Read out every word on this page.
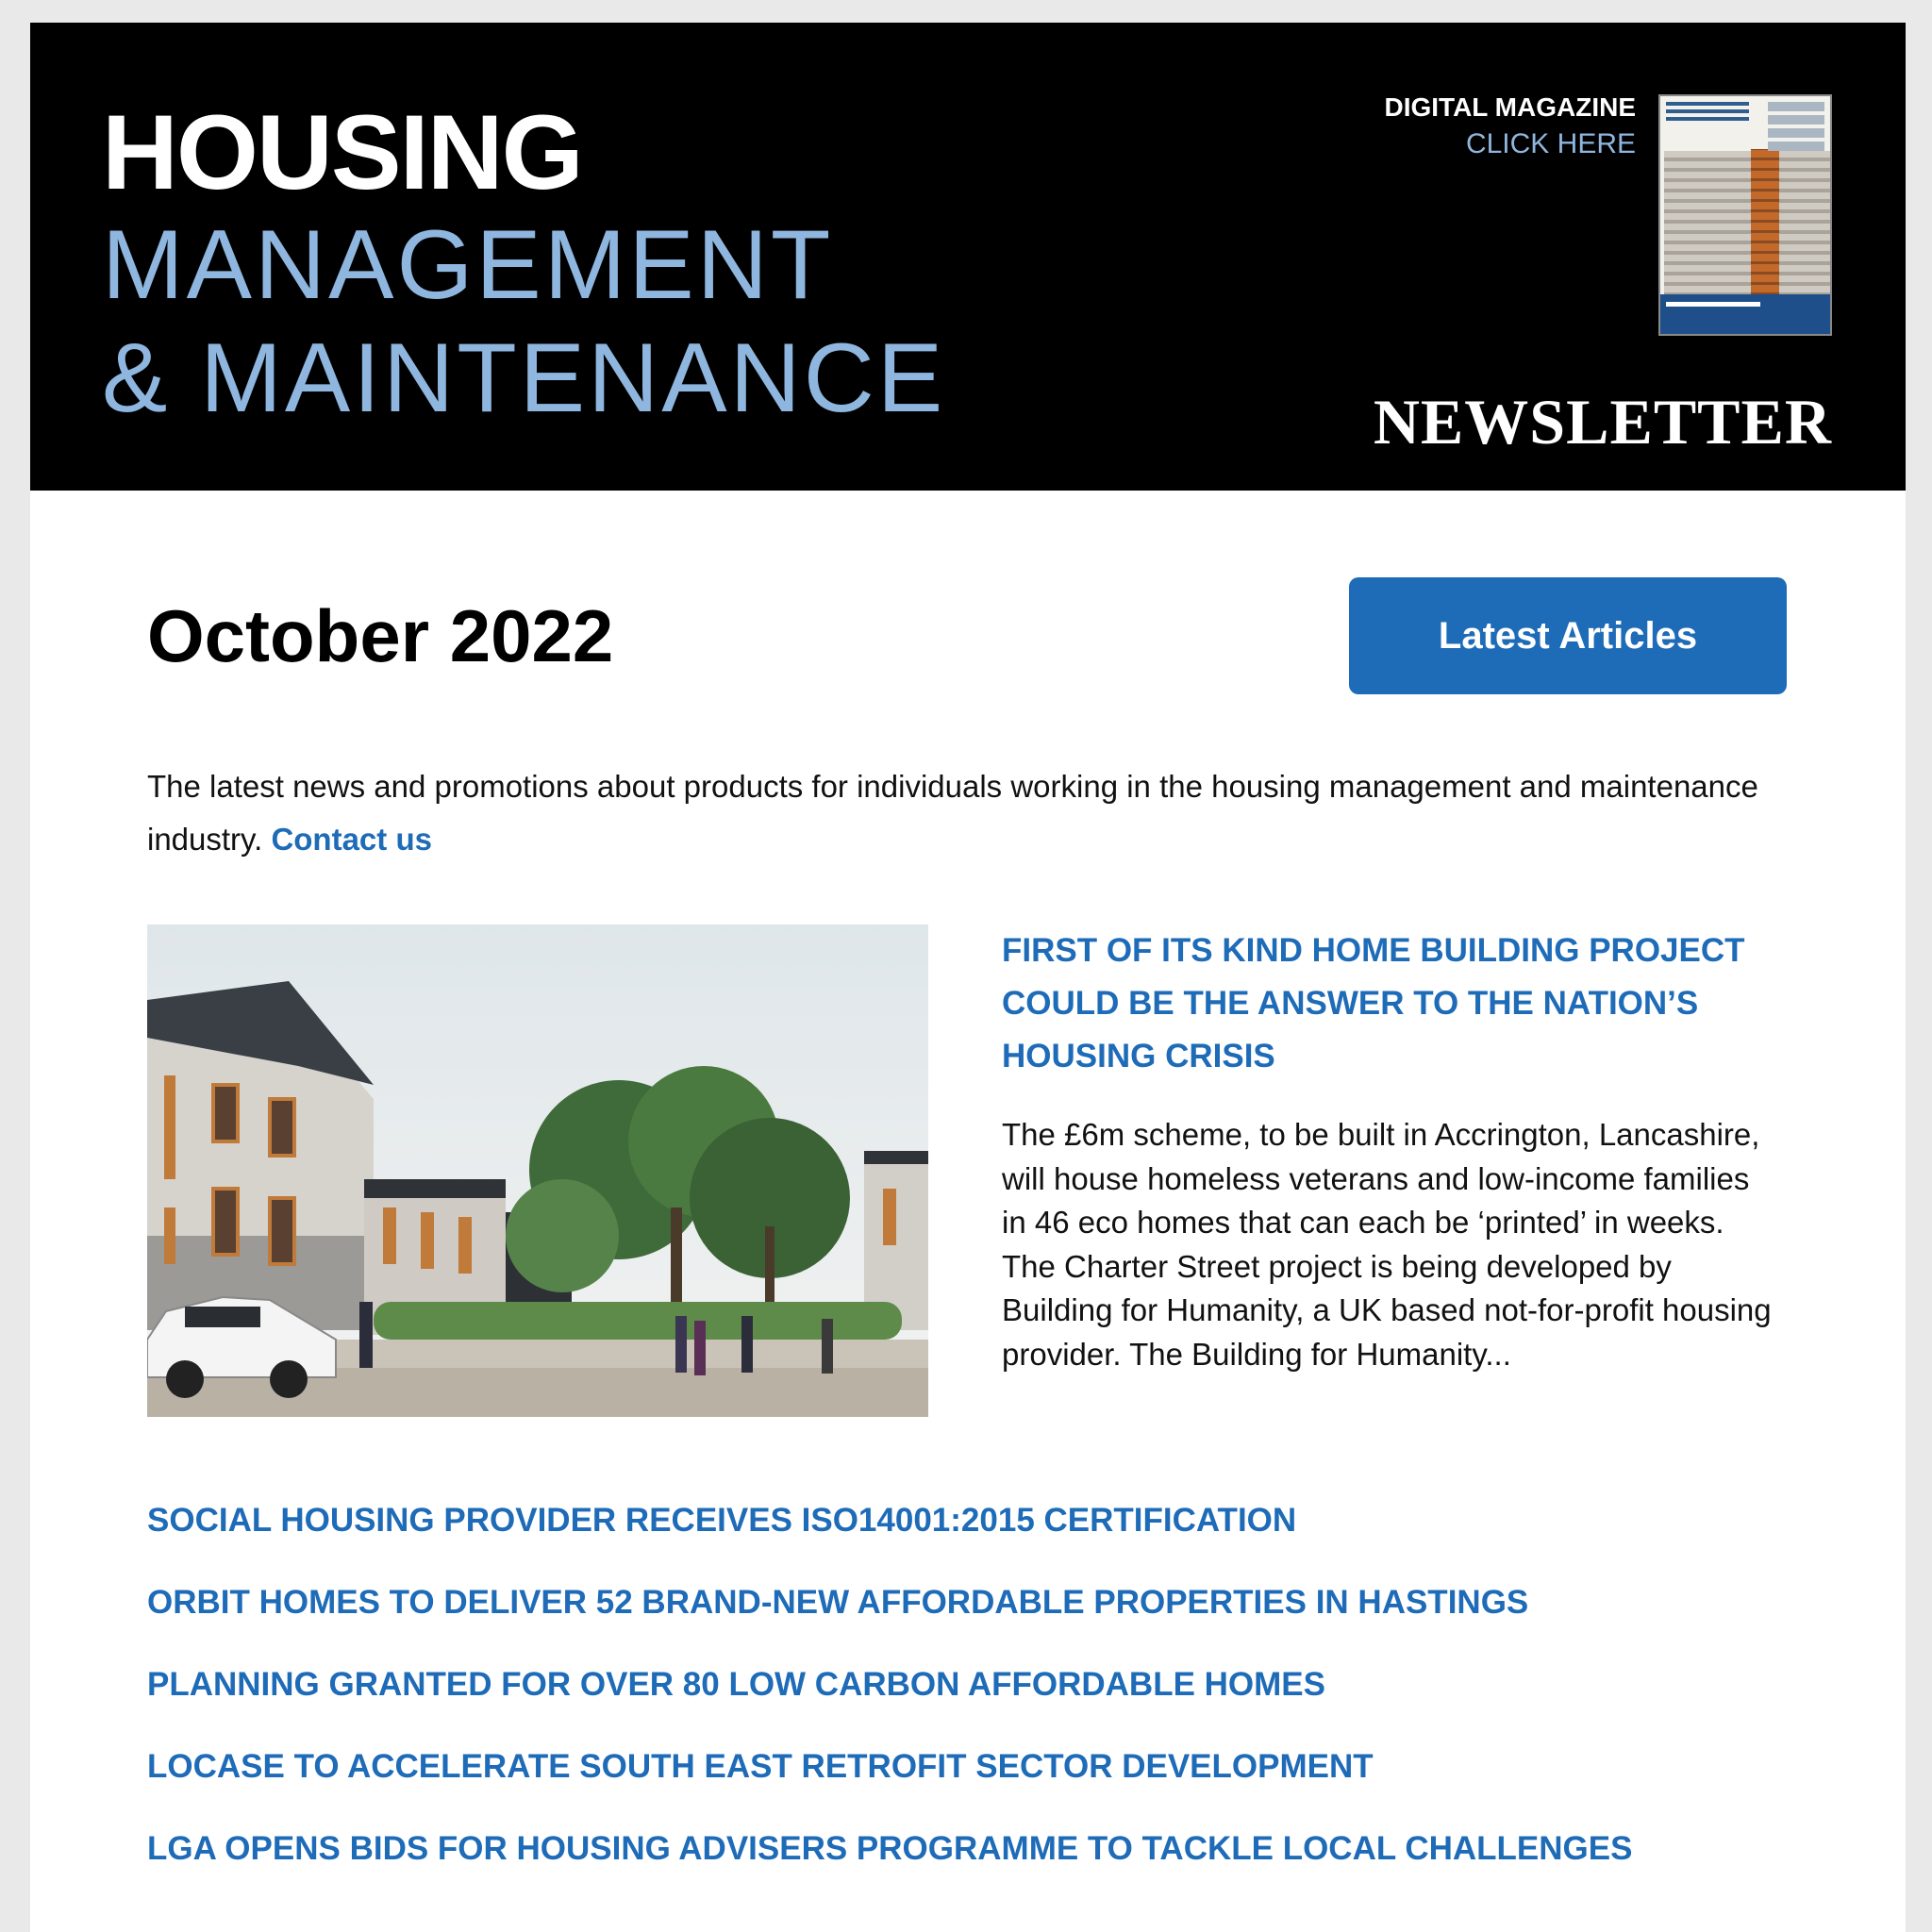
HOUSING
MANAGEMENT
& MAINTENANCE
DIGITAL MAGAZINE
CLICK HERE
NEWSLETTER
October 2022	Latest Articles
The latest news and promotions about products for individuals working in the housing management and maintenance industry. Contact us
FIRST OF ITS KIND HOME BUILDING PROJECT COULD BE THE ANSWER TO THE NATION’S HOUSING CRISIS
The £6m scheme, to be built in Accrington, Lancashire, will house homeless veterans and low-income families in 46 eco homes that can each be ‘printed’ in weeks. The Charter Street project is being developed by Building for Humanity, a UK based not-for-profit housing provider. The Building for Humanity...
SOCIAL HOUSING PROVIDER RECEIVES ISO14001:2015 CERTIFICATION
ORBIT HOMES TO DELIVER 52 BRAND-NEW AFFORDABLE PROPERTIES IN HASTINGS
PLANNING GRANTED FOR OVER 80 LOW CARBON AFFORDABLE HOMES
LOCASE TO ACCELERATE SOUTH EAST RETROFIT SECTOR DEVELOPMENT
LGA OPENS BIDS FOR HOUSING ADVISERS PROGRAMME TO TACKLE LOCAL CHALLENGES
